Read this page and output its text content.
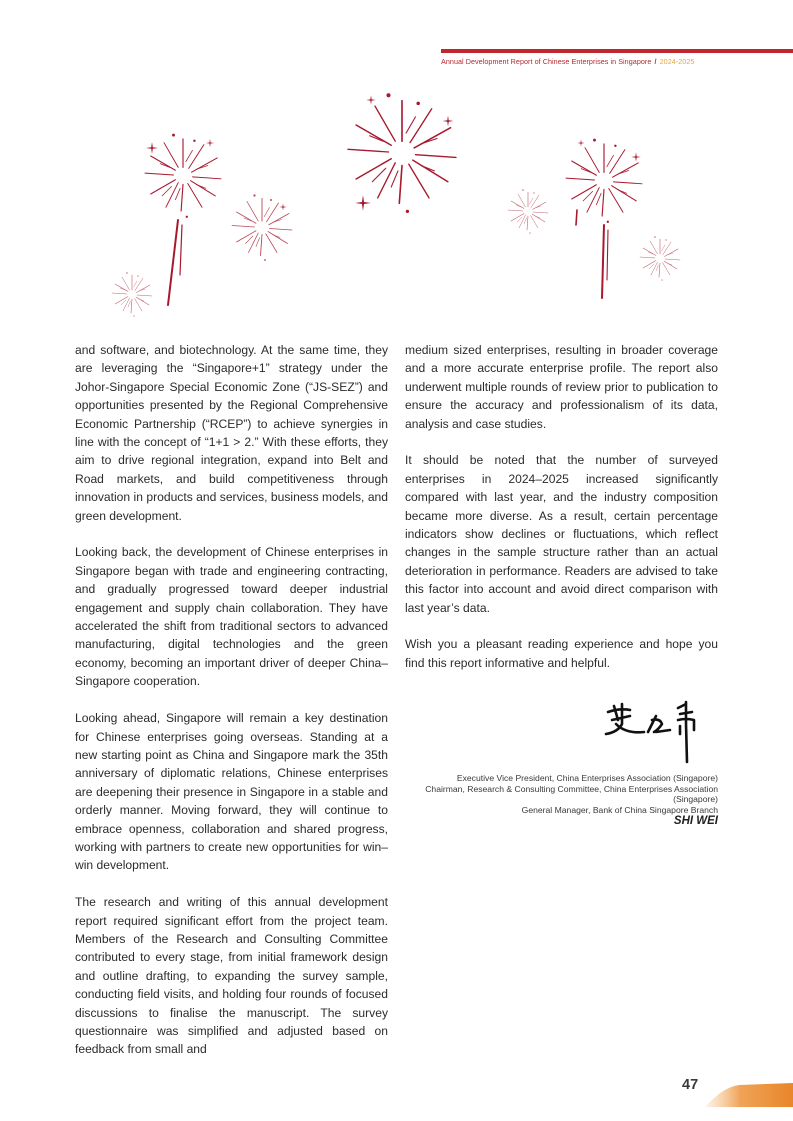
Annual Development Report of Chinese Enterprises in Singapore / 2024-2025

and software, and biotechnology. At the same time, they are leveraging the “Singapore+1” strategy under the Johor-Singapore Special Economic Zone (“JS-SEZ”) and opportunities presented by the Regional Comprehensive Economic Partnership (“RCEP”) to achieve synergies in line with the concept of “1+1 > 2.” With these efforts, they aim to drive regional integration, expand into Belt and Road markets, and build competitiveness through innovation in products and services, business models, and green development.

Looking back, the development of Chinese enterprises in Singapore began with trade and engineering contracting, and gradually progressed toward deeper industrial engagement and supply chain collaboration. They have accelerated the shift from traditional sectors to advanced manufacturing, digital technologies and the green economy, becoming an important driver of deeper China–Singapore cooperation.

Looking ahead, Singapore will remain a key destination for Chinese enterprises going overseas. Standing at a new starting point as China and Singapore mark the 35th anniversary of diplomatic relations, Chinese enterprises are deepening their presence in Singapore in a stable and orderly manner. Moving forward, they will continue to embrace openness, collaboration and shared progress, working with partners to create new opportunities for win–win development.

The research and writing of this annual development report required significant effort from the project team. Members of the Research and Consulting Committee contributed to every stage, from initial framework design and outline drafting, to expanding the survey sample, conducting field visits, and holding four rounds of focused discussions to finalise the manuscript. The survey questionnaire was simplified and adjusted based on feedback from small and

medium sized enterprises, resulting in broader coverage and a more accurate enterprise profile. The report also underwent multiple rounds of review prior to publication to ensure the accuracy and professionalism of its data, analysis and case studies.

It should be noted that the number of surveyed enterprises in 2024–2025 increased significantly compared with last year, and the industry composition became more diverse. As a result, certain percentage indicators show declines or fluctuations, which reflect changes in the sample structure rather than an actual deterioration in performance. Readers are advised to take this factor into account and avoid direct comparison with last year’s data.

Wish you a pleasant reading experience and hope you find this report informative and helpful.

Executive Vice President, China Enterprises Association (Singapore)
Chairman, Research & Consulting Committee, China Enterprises Association (Singapore)
General Manager, Bank of China Singapore Branch
SHI WEI
47
